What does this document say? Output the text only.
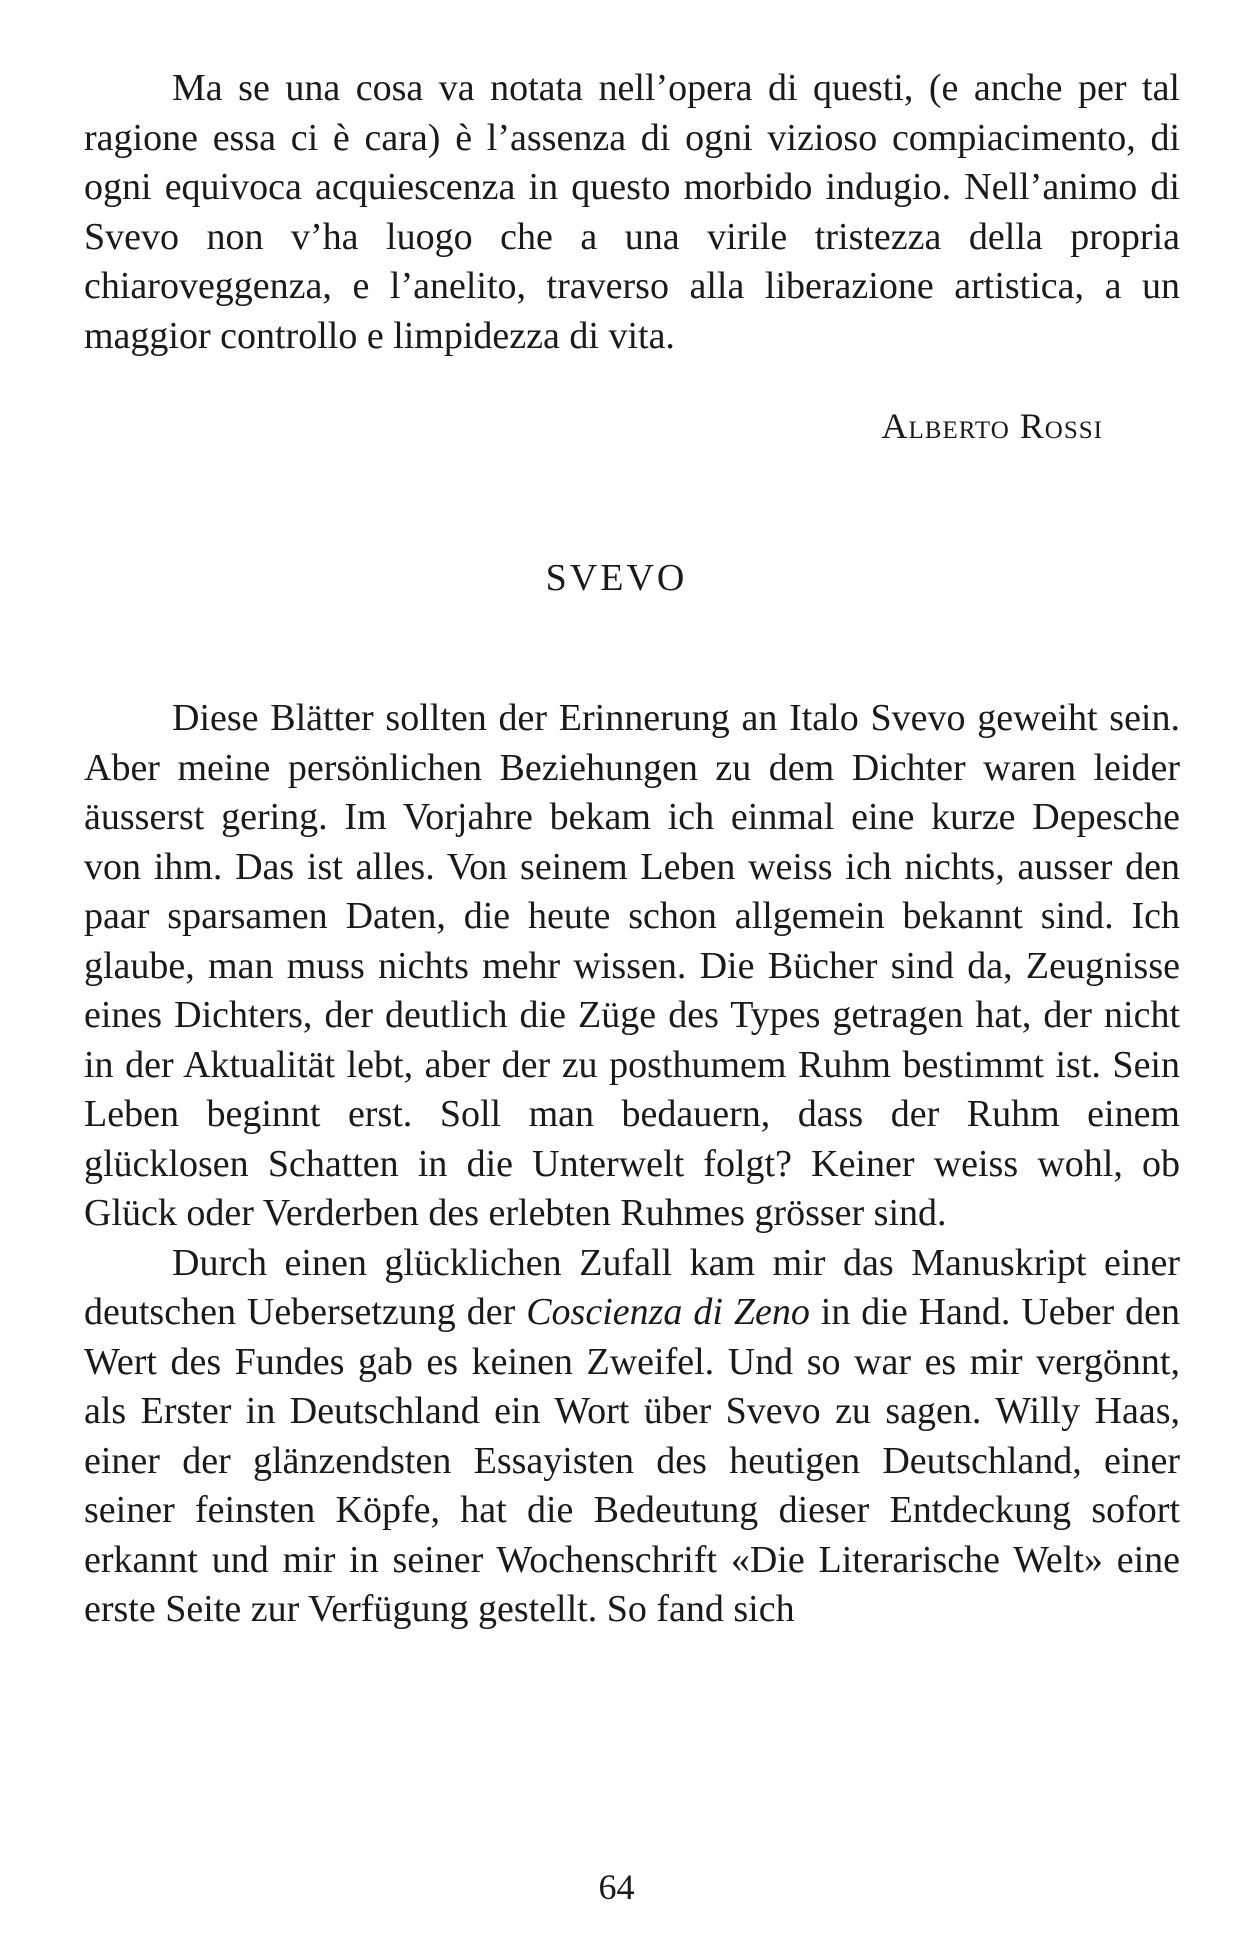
Ma se una cosa va notata nell’opera di questi, (e anche per tal ragione essa ci è cara) è l’assenza di ogni vizioso compiacimento, di ogni equivoca acquiescenza in questo morbido indugio. Nell’animo di Svevo non v’ha luogo che a una virile tristezza della propria chiaroveggenza, e l’anelito, traverso alla liberazione artistica, a un maggior controllo e limpidezza di vita.

Alberto Rossi
SVEVO

Diese Blätter sollten der Erinnerung an Italo Svevo geweiht sein. Aber meine persönlichen Beziehungen zu dem Dichter waren leider äusserst gering. Im Vorjahre bekam ich einmal eine kurze Depesche von ihm. Das ist alles. Von seinem Leben weiss ich nichts, ausser den paar sparsamen Daten, die heute schon allgemein bekannt sind. Ich glaube, man muss nichts mehr wissen. Die Bücher sind da, Zeugnisse eines Dichters, der deutlich die Züge des Types getragen hat, der nicht in der Aktualität lebt, aber der zu posthumem Ruhm bestimmt ist. Sein Leben beginnt erst. Soll man bedauern, dass der Ruhm einem glücklosen Schatten in die Unterwelt folgt? Keiner weiss wohl, ob Glück oder Verderben des erlebten Ruhmes grösser sind.

Durch einen glücklichen Zufall kam mir das Manuskript einer deutschen Uebersetzung der Coscienza di Zeno in die Hand. Ueber den Wert des Fundes gab es keinen Zweifel. Und so war es mir vergönnt, als Erster in Deutschland ein Wort über Svevo zu sagen. Willy Haas, einer der glänzendsten Essayisten des heutigen Deutschland, einer seiner feinsten Köpfe, hat die Bedeutung dieser Entdeckung sofort erkannt und mir in seiner Wochenschrift «Die Literarische Welt» eine erste Seite zur Verfügung gestellt. So fand sich

64
